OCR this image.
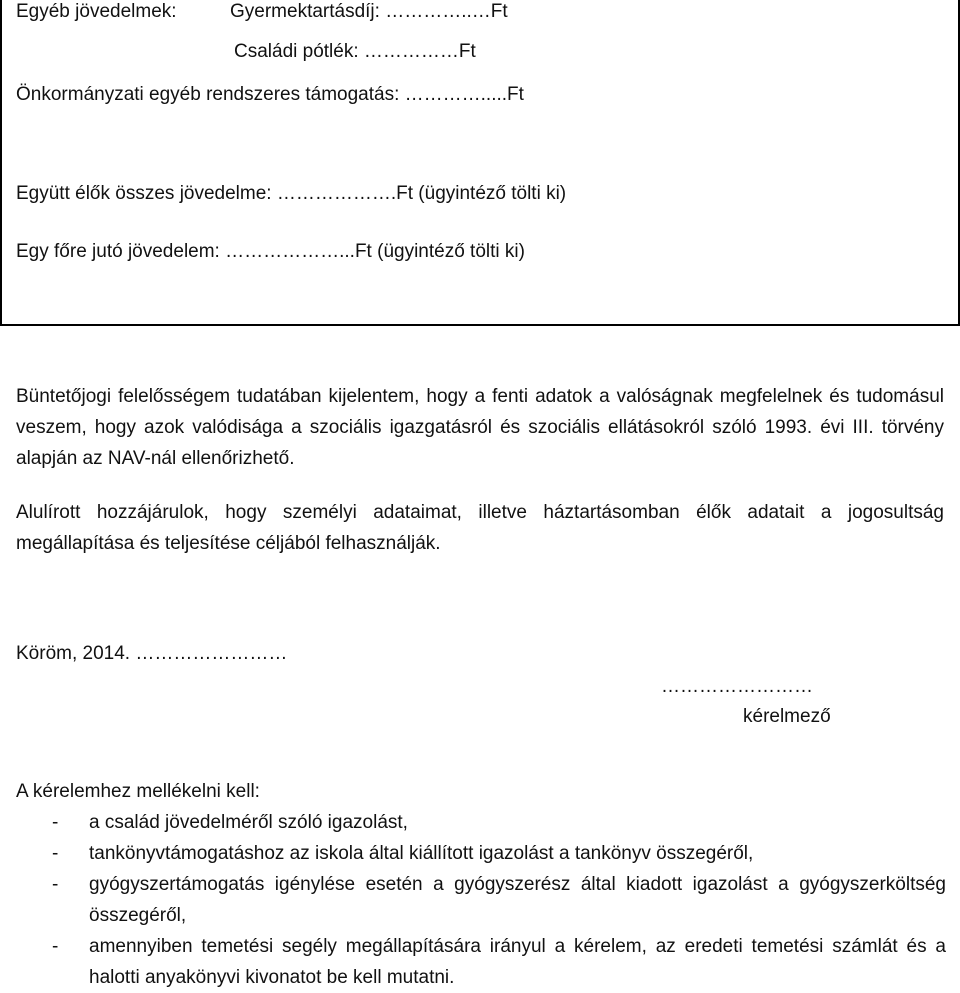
Egyéb jövedelmek:	Gyermektartásdíj: …………..…Ft
Családi pótlék: ……………Ft
Önkormányzati egyéb rendszeres támogatás: ………….....Ft
Együtt élők összes jövedelme: ……………….Ft (ügyintéző tölti ki)
Egy főre jutó jövedelem: ………………...Ft (ügyintéző tölti ki)

Büntetőjogi felelősségem tudatában kijelentem, hogy a fenti adatok a valóságnak megfelelnek és tudomásul veszem, hogy azok valódisága a szociális igazgatásról és szociális ellátásokról szóló 1993. évi III. törvény alapján az NAV-nál ellenőrizhető.

Alulírott hozzájárulok, hogy személyi adataimat, illetve háztartásomban élők adatait a jogosultság megállapítása és teljesítése céljából felhasználják.

Köröm, 2014. ……………………
……………………
kérelmező
A kérelemhez mellékelni kell:
- a család jövedelméről szóló igazolást,
- tankönyvtámogatáshoz az iskola által kiállított igazolást a tankönyv összegéről,
- gyógyszertámogatás igénylése esetén a gyógyszerész által kiadott igazolást a gyógyszerköltség összegéről,
- amennyiben temetési segély megállapítására irányul a kérelem, az eredeti temetési számlát és a halotti anyakönyvi kivonatot be kell mutatni.
